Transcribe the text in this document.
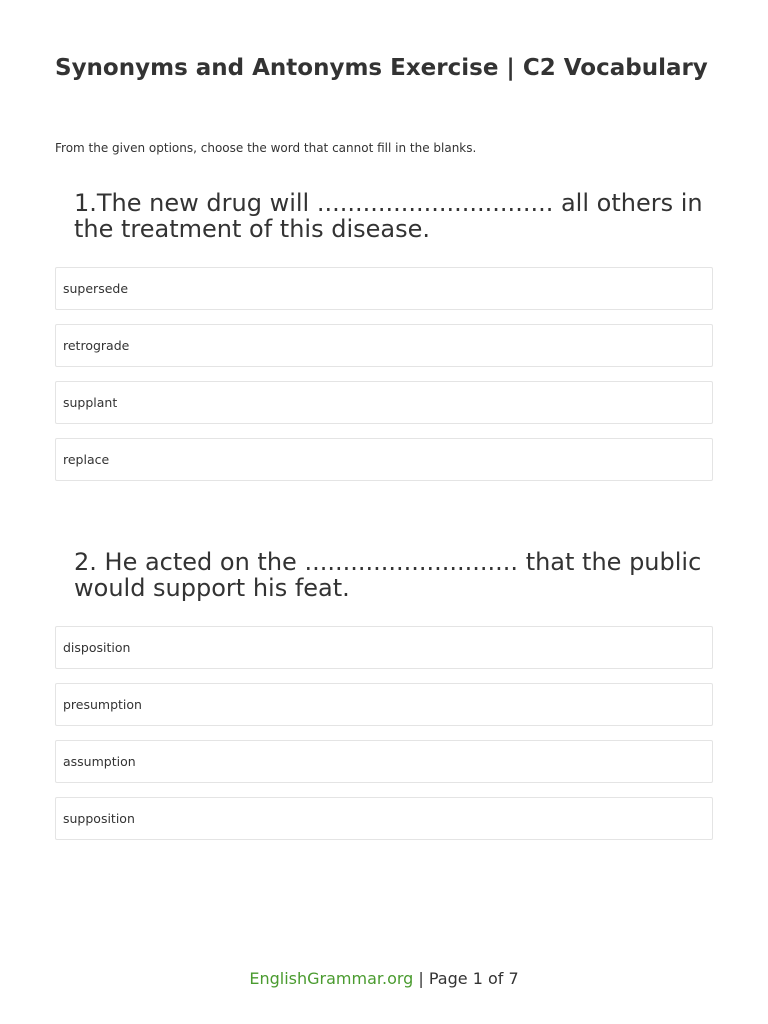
Synonyms and Antonyms Exercise | C2 Vocabulary
From the given options, choose the word that cannot fill in the blanks.
1.The new drug will ............................... all others in the treatment of this disease.
supersede
retrograde
supplant
replace
2. He acted on the ............................ that the public would support his feat.
disposition
presumption
assumption
supposition
EnglishGrammar.org | Page 1 of 7
